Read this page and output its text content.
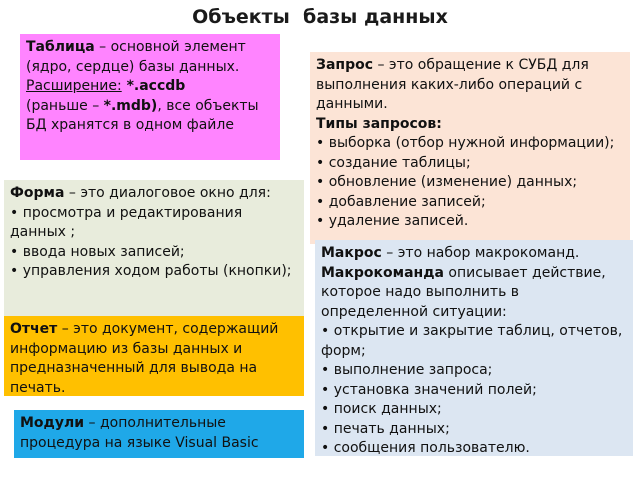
Объекты  базы данных

Таблица – основной элемент (ядро, сердце) базы данных.
Расширение: *.accdb
(раньше – *.mdb), все объекты БД хранятся в одном файле

Запрос – это обращение к СУБД для выполнения каких-либо операций с данными.

Типы запросов:

• выборка (отбор нужной информации);

• создание таблицы;

• обновление (изменение) данных;

• добавление записей;

• удаление записей.

Форма – это диалоговое окно для:

• просмотра и редактирования данных ;

• ввода новых записей;

• управления ходом работы (кнопки);

Макрос – это набор макрокоманд.

Макрокоманда описывает действие, которое надо выполнить в определенной ситуации:

• открытие и закрытие таблиц, отчетов, форм;

• выполнение запроса;

• установка значений полей;

• поиск данных;

• печать данных;

• сообщения пользователю.

Отчет – это документ, содержащий информацию из базы данных и предназначенный для вывода на печать.

Модули – дополнительные процедура на языке Visual Basic
